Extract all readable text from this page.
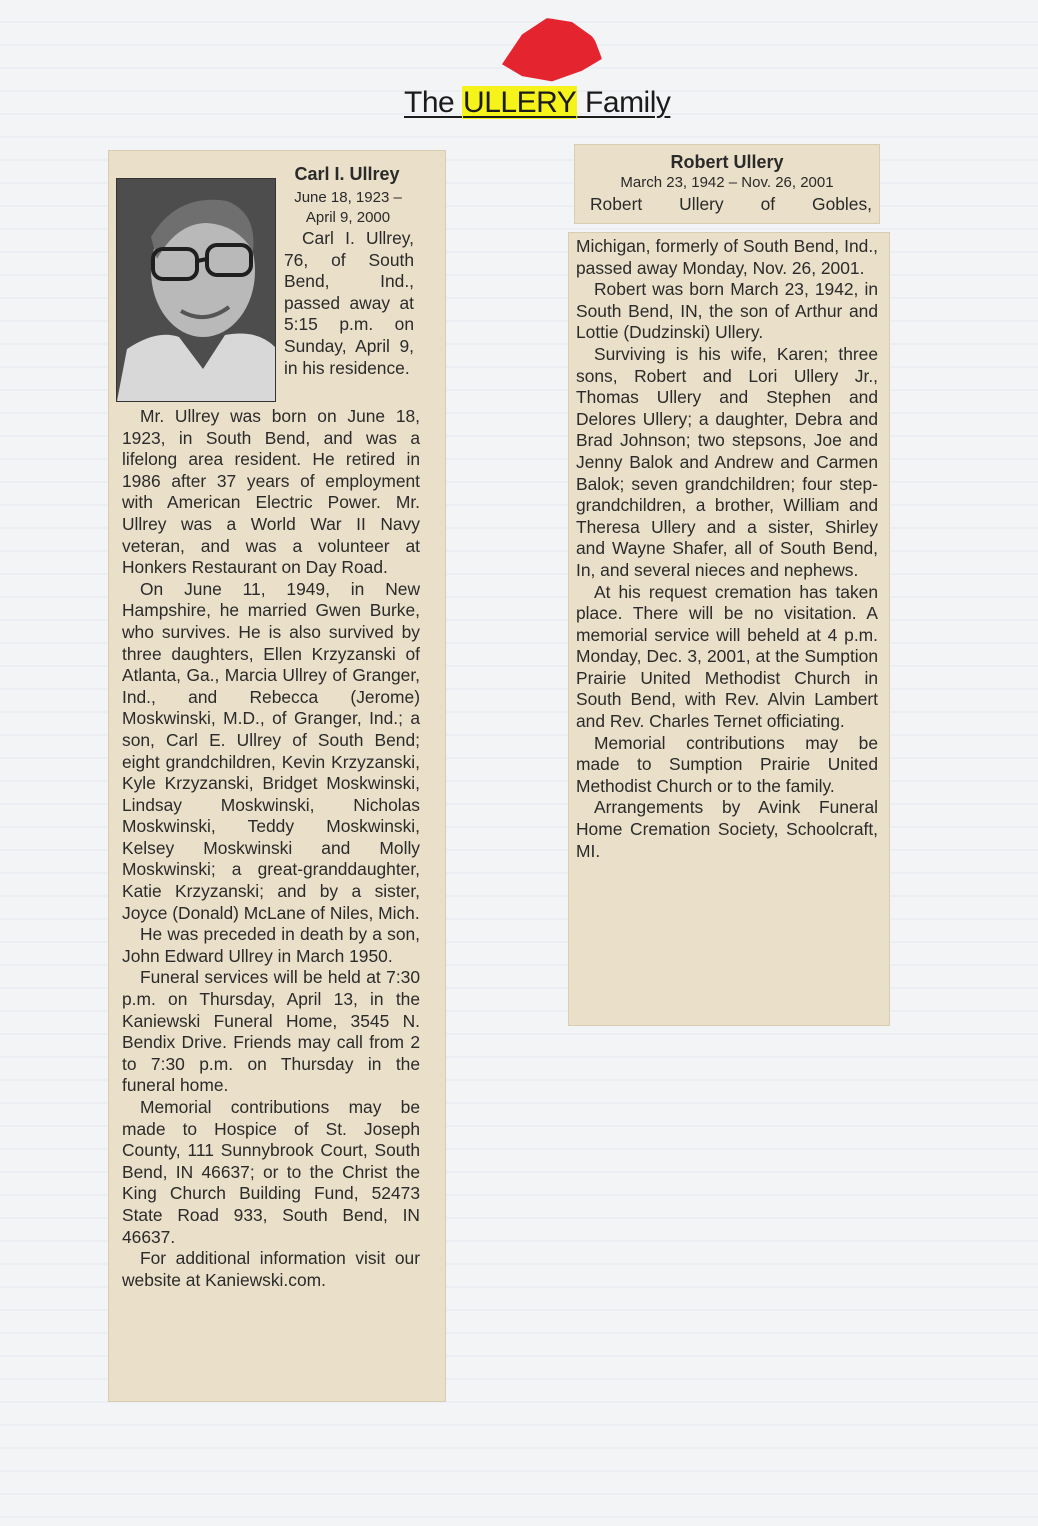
The ULLERY Family
Carl I. Ullrey
June 18, 1923 – April 9, 2000

Carl I. Ullrey, 76, of South Bend, Ind., passed away at 5:15 p.m. on Sunday, April 9, in his residence.

Mr. Ullrey was born on June 18, 1923, in South Bend, and was a lifelong area resident. He retired in 1986 after 37 years of employment with American Electric Power. Mr. Ullrey was a World War II Navy veteran, and was a volunteer at Honkers Restaurant on Day Road.

On June 11, 1949, in New Hampshire, he married Gwen Burke, who survives. He is also survived by three daughters, Ellen Krzyzanski of Atlanta, Ga., Marcia Ullrey of Granger, Ind., and Rebecca (Jerome) Moskwinski, M.D., of Granger, Ind.; a son, Carl E. Ullrey of South Bend; eight grandchildren, Kevin Krzyzanski, Kyle Krzyzanski, Bridget Moskwinski, Lindsay Moskwinski, Nicholas Moskwinski, Teddy Moskwinski, Kelsey Moskwinski and Molly Moskwinski; a great-granddaughter, Katie Krzyzanski; and by a sister, Joyce (Donald) McLane of Niles, Mich.

He was preceded in death by a son, John Edward Ullrey in March 1950.

Funeral services will be held at 7:30 p.m. on Thursday, April 13, in the Kaniewski Funeral Home, 3545 N. Bendix Drive. Friends may call from 2 to 7:30 p.m. on Thursday in the funeral home.

Memorial contributions may be made to Hospice of St. Joseph County, 111 Sunnybrook Court, South Bend, IN 46637; or to the Christ the King Church Building Fund, 52473 State Road 933, South Bend, IN 46637.

For additional information visit our website at Kaniewski.com.

Robert Ullery
March 23, 1942 – Nov. 26, 2001
Robert Ullery of Gobles,

Michigan, formerly of South Bend, Ind., passed away Monday, Nov. 26, 2001.

Robert was born March 23, 1942, in South Bend, IN, the son of Arthur and Lottie (Dudzinski) Ullery.

Surviving is his wife, Karen; three sons, Robert and Lori Ullery Jr., Thomas Ullery and Stephen and Delores Ullery; a daughter, Debra and Brad Johnson; two stepsons, Joe and Jenny Balok and Andrew and Carmen Balok; seven grandchildren; four step-grandchildren, a brother, William and Theresa Ullery and a sister, Shirley and Wayne Shafer, all of South Bend, In, and several nieces and nephews.

At his request cremation has taken place. There will be no visitation. A memorial service will beheld at 4 p.m. Monday, Dec. 3, 2001, at the Sumption Prairie United Methodist Church in South Bend, with Rev. Alvin Lambert and Rev. Charles Ternet officiating.

Memorial contributions may be made to Sumption Prairie United Methodist Church or to the family.

Arrangements by Avink Funeral Home Cremation Society, Schoolcraft, MI.
